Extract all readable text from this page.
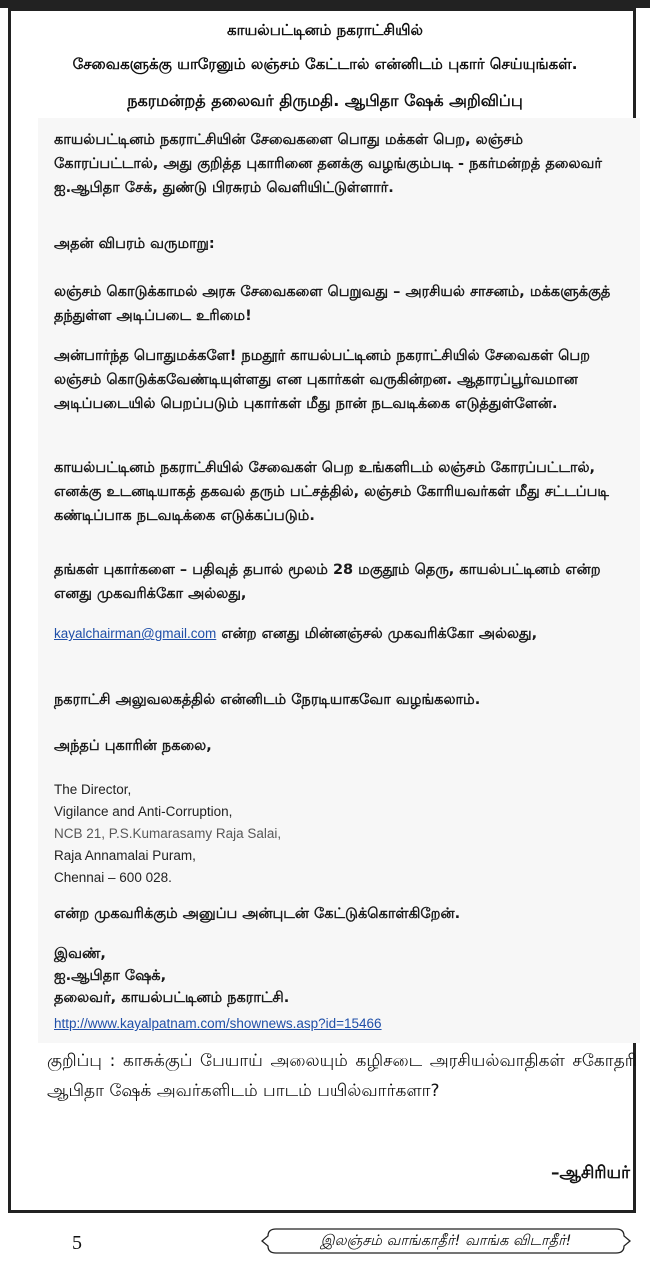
காயல்பட்டினம் நகராட்சியில்
சேவைகளுக்கு யாரேனும் லஞ்சம் கேட்டால் என்னிடம் புகார் செய்யுங்கள்.
நகரமன்றத் தலைவர் திருமதி. ஆபிதா ஷேக் அறிவிப்பு
காயல்பட்டினம் நகராட்சியின் சேவைகளை பொது மக்கள் பெற, லஞ்சம் கோரப்பட்டால், அது குறித்த புகாரினை தனக்கு வழங்கும்படி - நகர்மன்றத் தலைவர் ஐ.ஆபிதா சேக், துண்டு பிரசுரம் வெளியிட்டுள்ளார்.
அதன் விபரம் வருமாறு:
லஞ்சம் கொடுக்காமல் அரசு சேவைகளை பெறுவது – அரசியல் சாசனம், மக்களுக்குத் தந்துள்ள அடிப்படை உரிமை!
அன்பார்ந்த பொதுமக்களே! நமதூர் காயல்பட்டினம் நகராட்சியில் சேவைகள் பெற லஞ்சம் கொடுக்கவேண்டியுள்ளது என புகார்கள் வருகின்றன. ஆதாரப்பூர்வமான அடிப்படையில் பெறப்படும் புகார்கள் மீது நான் நடவடிக்கை எடுத்துள்ளேன்.
காயல்பட்டினம் நகராட்சியில் சேவைகள் பெற உங்களிடம் லஞ்சம் கோரப்பட்டால், எனக்கு உடனடியாகத் தகவல் தரும் பட்சத்தில், லஞ்சம் கோரியவர்கள் மீது சட்டப்படி கண்டிப்பாக நடவடிக்கை எடுக்கப்படும்.
தங்கள் புகார்களை – பதிவுத் தபால் மூலம் 28 மகுதூம் தெரு, காயல்பட்டினம் என்ற எனது முகவரிக்கோ அல்லது,
kayalchairman@gmail.com என்ற எனது மின்னஞ்சல் முகவரிக்கோ அல்லது,
நகராட்சி அலுவலகத்தில் என்னிடம் நேரடியாகவோ வழங்கலாம்.
அந்தப் புகாரின் நகலை,
The Director,
Vigilance and Anti-Corruption,
NCB 21, P.S.Kumarasamy Raja Salai,
Raja Annamalai Puram,
Chennai – 600 028.
என்ற முகவரிக்கும் அனுப்ப அன்புடன் கேட்டுக்கொள்கிறேன்.
இவண்,
ஐ.ஆபிதா ஷேக்,
தலைவர், காயல்பட்டினம் நகராட்சி.
http://www.kayalpatnam.com/shownews.asp?id=15466
குறிப்பு : காசுக்குப் பேயாய் அலையும் கழிசடை அரசியல்வாதிகள் சகோதரி ஆபிதா ஷேக் அவர்களிடம் பாடம் பயில்வார்களா?
–ஆசிரியர்
5	இலஞ்சம் வாங்காதீர்! வாங்க விடாதீர்!
